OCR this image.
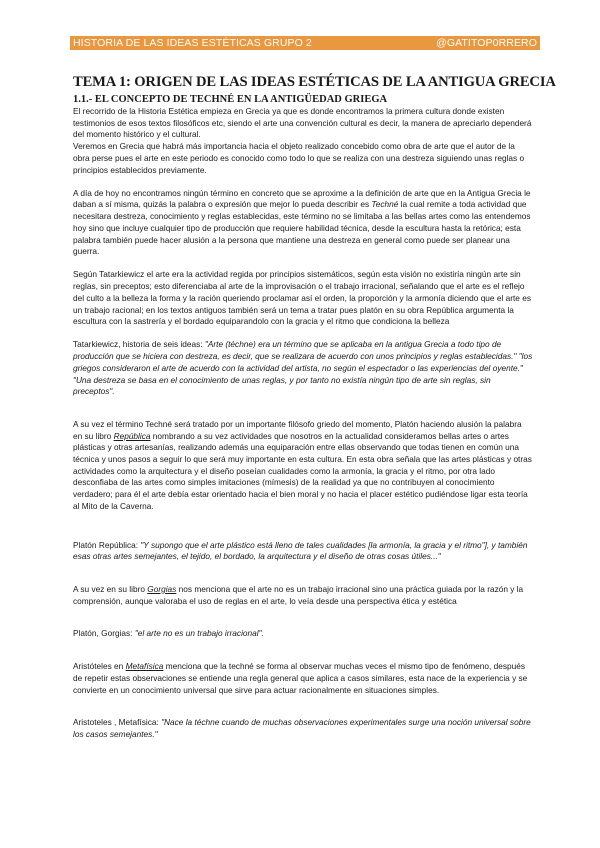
HISTORIA DE LAS IDEAS ESTÉTICAS GRUPO 2	@GATITOP0RRERO
TEMA 1: ORIGEN DE LAS IDEAS ESTÉTICAS DE LA ANTIGUA GRECIA
1.1.- EL CONCEPTO DE TECHNÉ EN LA ANTIGÜEDAD GRIEGA

El recorrido de la Historia Estética empieza en Grecia ya que es donde encontramos la primera cultura donde existen testimonios de esos textos filosóficos etc, siendo el arte una convención cultural es decir, la manera de apreciarlo dependerá del momento histórico y el cultural.

Veremos en Grecia que habrá más importancia hacia el objeto realizado concebido como obra de arte que el autor de la obra perse pues el arte en este periodo es conocido como todo lo que se realiza con una destreza siguiendo unas reglas o principios establecidos previamente.

A día de hoy no encontramos ningún término en concreto que se aproxime a la definición de arte que en la Antigua Grecia le daban a sí misma, quizás la palabra o expresión que mejor lo pueda describir es Techné la cual remite a toda actividad que necesitara destreza, conocimiento y reglas establecidas, este término no se limitaba a las bellas artes como las entendemos hoy sino que incluye cualquier tipo de producción que requiere habilidad técnica, desde la escultura hasta la retórica; esta palabra también puede hacer alusión a la persona que mantiene una destreza en general como puede ser planear una guerra.

Según Tatarkiewicz el arte era la actividad regida por principios sistemáticos, según esta visión no existiría ningún arte sin reglas, sin preceptos; esto diferenciaba al arte de la improvisación o el trabajo irracional, señalando que el arte es el reflejo del culto a la belleza la forma y la ración queriendo proclamar así el orden, la proporción y la armonía diciendo que el arte es un trabajo racional; en los textos antiguos también será un tema a tratar pues platón en su obra República argumenta la escultura con la sastrería y el bordado equiparandolo con la gracia y el ritmo que condiciona la belleza

Tatarkiewicz, historia de seis ideas: "Arte (téchne) era un término que se aplicaba en la antigua Grecia a todo tipo de producción que se hiciera con destreza, es decir, que se realizara de acuerdo con unos principios y reglas establecidas." "los griegos consideraron el arte de acuerdo con la actividad del artista, no según el espectador o las experiencias del oyente." "Una destreza se basa en el conocimiento de unas reglas, y por tanto no existía ningún tipo de arte sin reglas, sin preceptos".

A su vez el término Techné será tratado por un importante filósofo griedo del momento, Platón haciendo alusión la palabra en su libro República nombrando a su vez actividades que nosotros en la actualidad consideramos bellas artes o artes plásticas y otras artesanías, realizando además una equiparación entre ellas observando que todas tienen en común una técnica y unos pasos a seguir lo que será muy importante en esta cultura. En esta obra señala que las artes plásticas y otras actividades como la arquitectura y el diseño poseían cualidades como la armonía, la gracia y el ritmo, por otra lado desconfiaba de las artes como simples imitaciones (mímesis) de la realidad ya que no contribuyen al conocimiento verdadero; para él el arte debía estar orientado hacia el bien moral y no hacia el placer estético pudiéndose ligar esta teoría al Mito de la Caverna.

Platón República: "Y supongo que el arte plástico está lleno de tales cualidades [la armonía, la gracia y el ritmo"], y también esas otras artes semejantes, el tejido, el bordado, la arquitectura y el diseño de otras cosas útiles..."

A su vez en su libro Gorgias nos menciona que el arte no es un trabajo irracional sino una práctica guiada por la razón y la comprensión, aunque valoraba el uso de reglas en el arte, lo veía desde una perspectiva ética y estética

Platón, Gorgias: "el arte no es un trabajo irracional".

Aristóteles en Metafísica menciona que la techné se forma al observar muchas veces el mismo tipo de fenómeno, después de repetir estas observaciones se entiende una regla general que aplica a casos similares, esta nace de la experiencia y se convierte en un conocimiento universal que sirve para actuar racionalmente en situaciones simples.

Aristoteles , Metafísica: "Nace la téchne cuando de muchas observaciones experimentales surge una noción universal sobre los casos semejantes."
